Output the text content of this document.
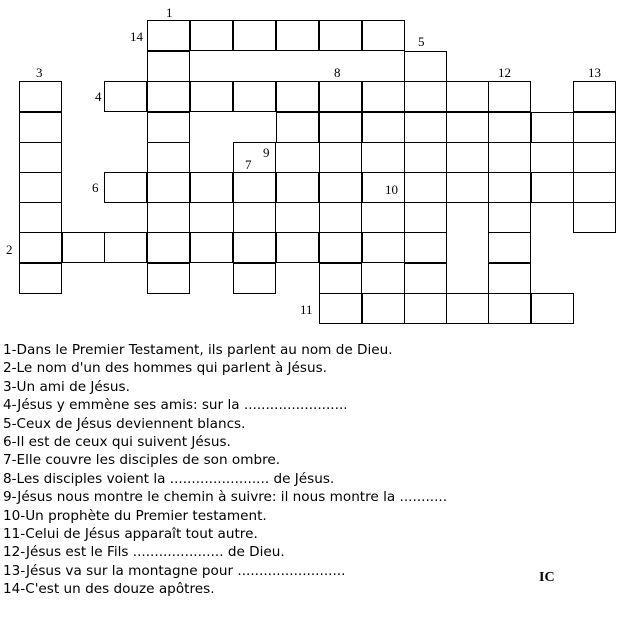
1
14	5
3	8	12	13
4
7
9
6	10
2
11
1-Dans le Premier Testament, ils parlent au nom de Dieu.
2-Le nom d'un des hommes qui parlent à Jésus.
3-Un ami de Jésus.
4-Jésus y emmène ses amis: sur la ........................
5-Ceux de Jésus deviennent blancs.
6-Il est de ceux qui suivent Jésus.
7-Elle couvre les disciples de son ombre.
8-Les disciples voient la ....................... de Jésus.
9-Jésus nous montre le chemin à suivre: il nous montre la ...........
10-Un prophète du Premier testament.
11-Celui de Jésus apparaît tout autre.
12-Jésus est le Fils ..................... de Dieu.
13-Jésus va sur la montagne pour .........................
14-C'est un des douze apôtres.
IC
